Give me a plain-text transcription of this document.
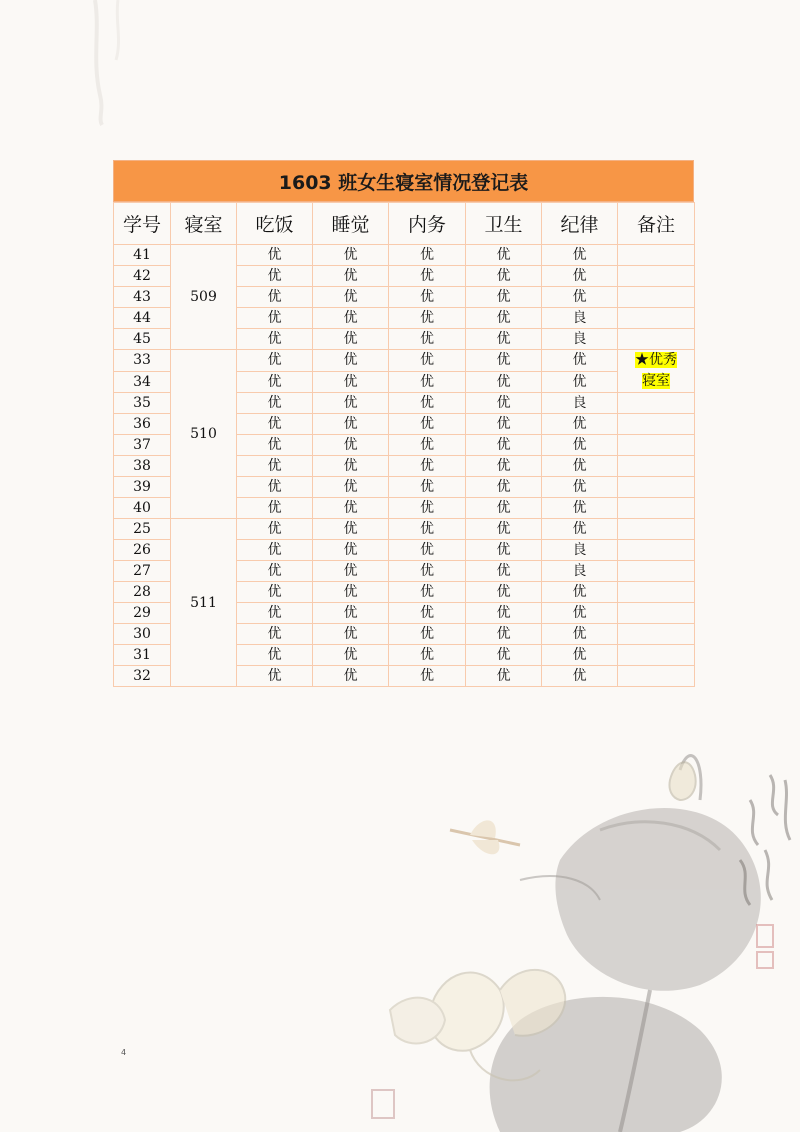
1603 班女生寝室情况登记表
学号	寝室	吃饭	睡觉	内务	卫生	纪律	备注
41	509	优	优	优	优	优	
42		优	优	优	优	优	
43		优	优	优	优	优	
44		优	优	优	优	良	
45		优	优	优	优	良	
33	510	优	优	优	优	优	★优秀
寝室

34		优	优	优	优	优	
35		优	优	优	优	良	
36		优	优	优	优	优	
37		优	优	优	优	优	
38		优	优	优	优	优	
39		优	优	优	优	优	
40		优	优	优	优	优	
25	511	优	优	优	优	优	
26		优	优	优	优	良	
27		优	优	优	优	良	
28		优	优	优	优	优	
29		优	优	优	优	优	
30		优	优	优	优	优	
31		优	优	优	优	优	
32		优	优	优	优	优	
4
